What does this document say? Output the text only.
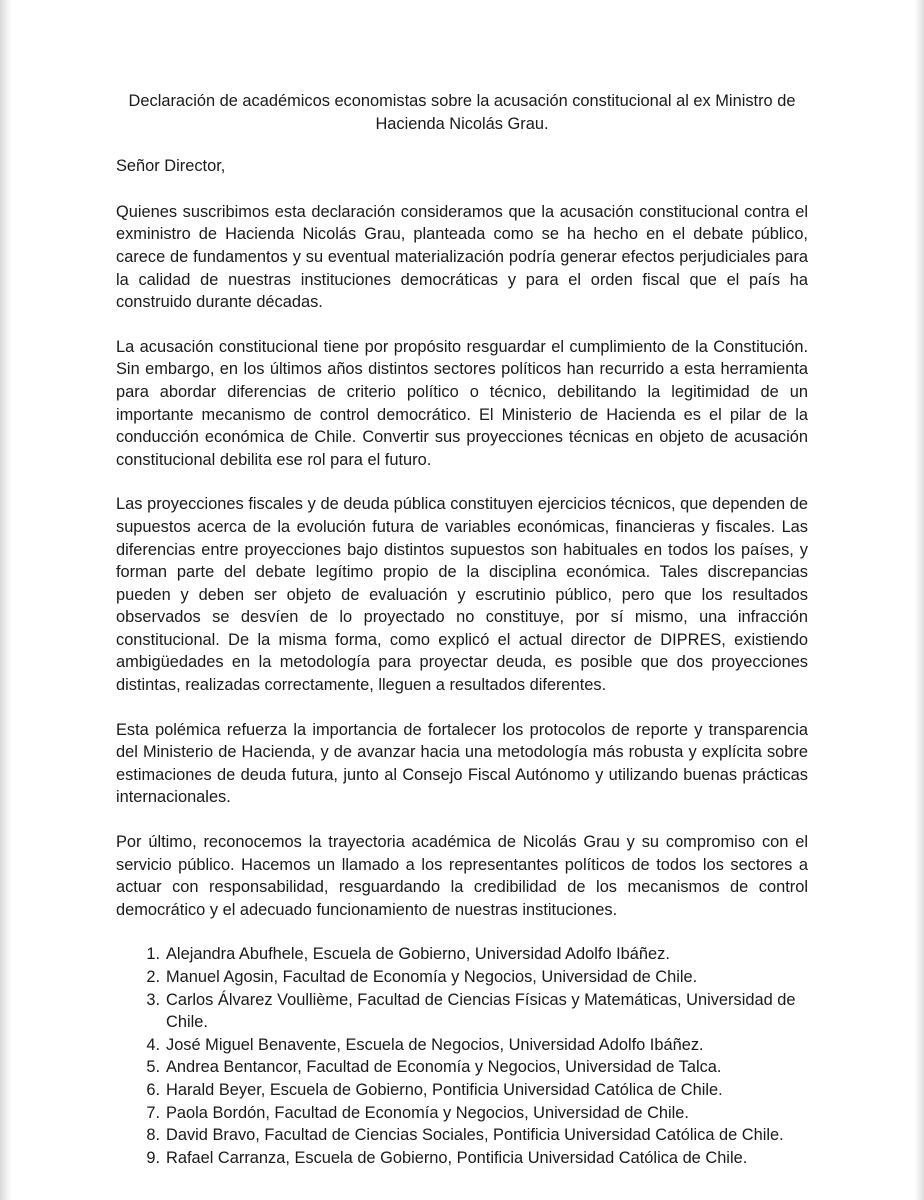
Declaración de académicos economistas sobre la acusación constitucional al ex Ministro de Hacienda Nicolás Grau.
Señor Director,

Quienes suscribimos esta declaración consideramos que la acusación constitucional contra el exministro de Hacienda Nicolás Grau, planteada como se ha hecho en el debate público, carece de fundamentos y su eventual materialización podría generar efectos perjudiciales para la calidad de nuestras instituciones democráticas y para el orden fiscal que el país ha construido durante décadas.

La acusación constitucional tiene por propósito resguardar el cumplimiento de la Constitución. Sin embargo, en los últimos años distintos sectores políticos han recurrido a esta herramienta para abordar diferencias de criterio político o técnico, debilitando la legitimidad de un importante mecanismo de control democrático. El Ministerio de Hacienda es el pilar de la conducción económica de Chile. Convertir sus proyecciones técnicas en objeto de acusación constitucional debilita ese rol para el futuro.

Las proyecciones fiscales y de deuda pública constituyen ejercicios técnicos, que dependen de supuestos acerca de la evolución futura de variables económicas, financieras y fiscales. Las diferencias entre proyecciones bajo distintos supuestos son habituales en todos los países, y forman parte del debate legítimo propio de la disciplina económica. Tales discrepancias pueden y deben ser objeto de evaluación y escrutinio público, pero que los resultados observados se desvíen de lo proyectado no constituye, por sí mismo, una infracción constitucional. De la misma forma, como explicó el actual director de DIPRES, existiendo ambigüedades en la metodología para proyectar deuda, es posible que dos proyecciones distintas, realizadas correctamente, lleguen a resultados diferentes.

Esta polémica refuerza la importancia de fortalecer los protocolos de reporte y transparencia del Ministerio de Hacienda, y de avanzar hacia una metodología más robusta y explícita sobre estimaciones de deuda futura, junto al Consejo Fiscal Autónomo y utilizando buenas prácticas internacionales.

Por último, reconocemos la trayectoria académica de Nicolás Grau y su compromiso con el servicio público. Hacemos un llamado a los representantes políticos de todos los sectores a actuar con responsabilidad, resguardando la credibilidad de los mecanismos de control democrático y el adecuado funcionamiento de nuestras instituciones.

1. Alejandra Abufhele, Escuela de Gobierno, Universidad Adolfo Ibáñez.
2. Manuel Agosin, Facultad de Economía y Negocios, Universidad de Chile.
3. Carlos Álvarez Voullième, Facultad de Ciencias Físicas y Matemáticas, Universidad de Chile.
4. José Miguel Benavente, Escuela de Negocios, Universidad Adolfo Ibáñez.
5. Andrea Bentancor, Facultad de Economía y Negocios, Universidad de Talca.
6. Harald Beyer, Escuela de Gobierno, Pontificia Universidad Católica de Chile.
7. Paola Bordón, Facultad de Economía y Negocios, Universidad de Chile.
8. David Bravo, Facultad de Ciencias Sociales, Pontificia Universidad Católica de Chile.
9. Rafael Carranza, Escuela de Gobierno, Pontificia Universidad Católica de Chile.
